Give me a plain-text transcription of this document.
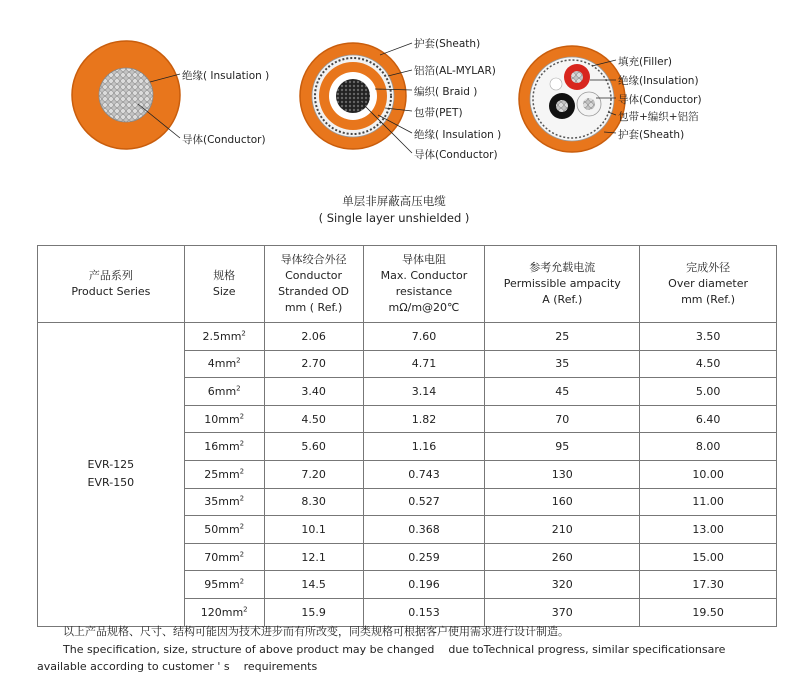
绝缘( Insulation )
导体(Conductor)
护套(Sheath)
铝箔(AL-MYLAR)
编织( Braid )
包带(PET)
绝缘( Insulation )
导体(Conductor)
填充(Filler)
绝缘(Insulation)
导体(Conductor)
包带+编织+铝箔
护套(Sheath)
单层非屏蔽高压电缆
( Single layer unshielded )
产品系列
Product Series	规格
Size	导体绞合外径
Conductor
Stranded OD
mm ( Ref.)	导体电阻
Max. Conductor
resistance
mΩ/m@20℃	参考允载电流
Permissible ampacity
A (Ref.)	完成外径
Over diameter
mm (Ref.)

EVR-125
EVR-150	$2.5mm^2$	2.06	7.60	25	3.50
	$4mm^2$	2.70	4.71	35	4.50
	$6mm^2$	3.40	3.14	45	5.00
	$10mm^2$	4.50	1.82	70	6.40
	$16mm^2$	5.60	1.16	95	8.00
	$25mm^2$	7.20	0.743	130	10.00
	$35mm^2$	8.30	0.527	160	11.00
	$50mm^2$	10.1	0.368	210	13.00
	$70mm^2$	12.1	0.259	260	15.00
	$95mm^2$	14.5	0.196	320	17.30
	$120mm^2$	15.9	0.153	370	19.50
以上产品规格、尺寸、结构可能因为技术进步而有所改变，同类规格可根据客户使用需求进行设计制造。
The specification, size, structure of above product may be changed    due toTechnical progress, similar specificationsare
available according to customer ' s    requirements
